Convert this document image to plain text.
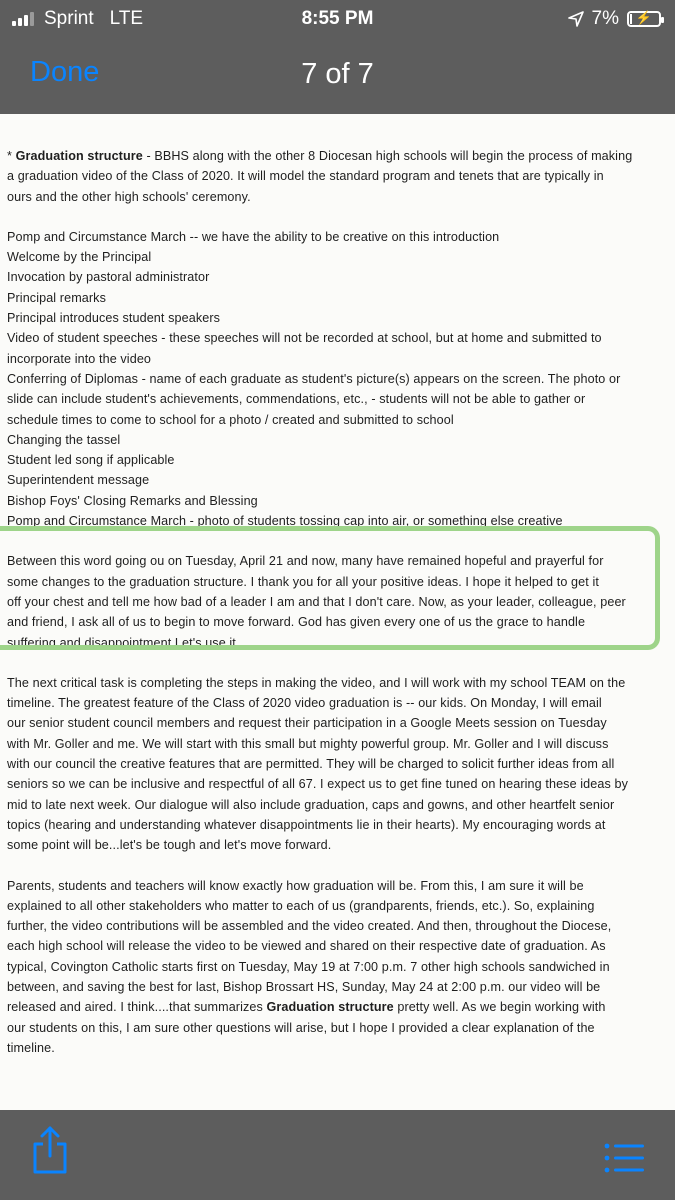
Sprint LTE	8:55 PM	7%	⚡
Done	7 of 7

* Graduation structure - BBHS along with the other 8 Diocesan high schools will begin the process of making

a graduation video of the Class of 2020. It will model the standard program and tenets that are typically in

ours and the other high schools' ceremony.

Pomp and Circumstance March -- we have the ability to be creative on this introduction

Welcome by the Principal

Invocation by pastoral administrator

Principal remarks

Principal introduces student speakers

Video of student speeches - these speeches will not be recorded at school, but at home and submitted to

incorporate into the video

Conferring of Diplomas - name of each graduate as student's picture(s) appears on the screen. The photo or

slide can include student's achievements, commendations, etc., - students will not be able to gather or

schedule times to come to school for a photo / created and submitted to school

Changing the tassel

Student led song if applicable

Superintendent message

Bishop Foys' Closing Remarks and Blessing

Pomp and Circumstance March - photo of students tossing cap into air, or something else creative

Between this word going ou on Tuesday, April 21 and now, many have remained hopeful and prayerful for

some changes to the graduation structure. I thank you for all your positive ideas. I hope it helped to get it

off your chest and tell me how bad of a leader I am and that I don't care. Now, as your leader, colleague, peer

and friend, I ask all of us to begin to move forward. God has given every one of us the grace to handle

suffering and disappointment Let's use it.

The next critical task is completing the steps in making the video, and I will work with my school TEAM on the

timeline. The greatest feature of the Class of 2020 video graduation is -- our kids. On Monday, I will email

our senior student council members and request their participation in a Google Meets session on Tuesday

with Mr. Goller and me. We will start with this small but mighty powerful group. Mr. Goller and I will discuss

with our council the creative features that are permitted. They will be charged to solicit further ideas from all

seniors so we can be inclusive and respectful of all 67. I expect us to get fine tuned on hearing these ideas by

mid to late next week. Our dialogue will also include graduation, caps and gowns, and other heartfelt senior

topics (hearing and understanding whatever disappointments lie in their hearts). My encouraging words at

some point will be...let's be tough and let's move forward.

Parents, students and teachers will know exactly how graduation will be. From this, I am sure it will be

explained to all other stakeholders who matter to each of us (grandparents, friends, etc.). So, explaining

further, the video contributions will be assembled and the video created. And then, throughout the Diocese,

each high school will release the video to be viewed and shared on their respective date of graduation. As

typical, Covington Catholic starts first on Tuesday, May 19 at 7:00 p.m. 7 other high schools sandwiched in

between, and saving the best for last, Bishop Brossart HS, Sunday, May 24 at 2:00 p.m. our video will be

released and aired. I think....that summarizes Graduation structure pretty well. As we begin working with

our students on this, I am sure other questions will arise, but I hope I provided a clear explanation of the

timeline.
